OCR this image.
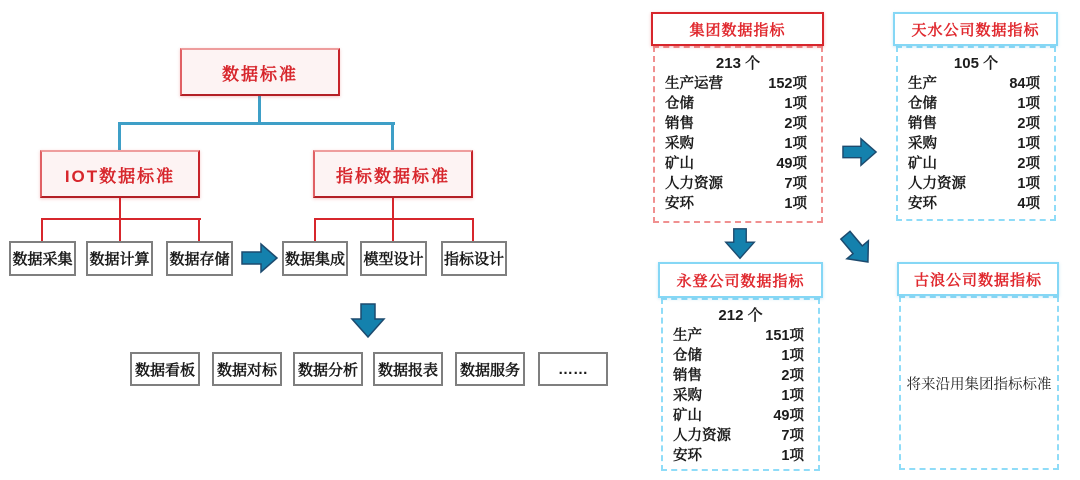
数据标准
IOT数据标准	指标数据标准
数据采集 数据计算 数据存储	数据集成 模型设计 指标设计
数据看板	数据对标	数据分析	数据报表	数据服务	……
集团数据指标
213 个
生产运营	152项
仓储	1项
销售	2项
采购	1项
矿山	49项
人力资源	7项
安环	1项
天水公司数据指标
105 个
生产	84项
仓储	1项
销售	2项
采购	1项
矿山	2项
人力资源	1项
安环	4项
永登公司数据指标
212 个
生产	151项
仓储	1项
销售	2项
采购	1项
矿山	49项
人力资源	7项
安环	1项
古浪公司数据指标
将来沿用集团指标标准
